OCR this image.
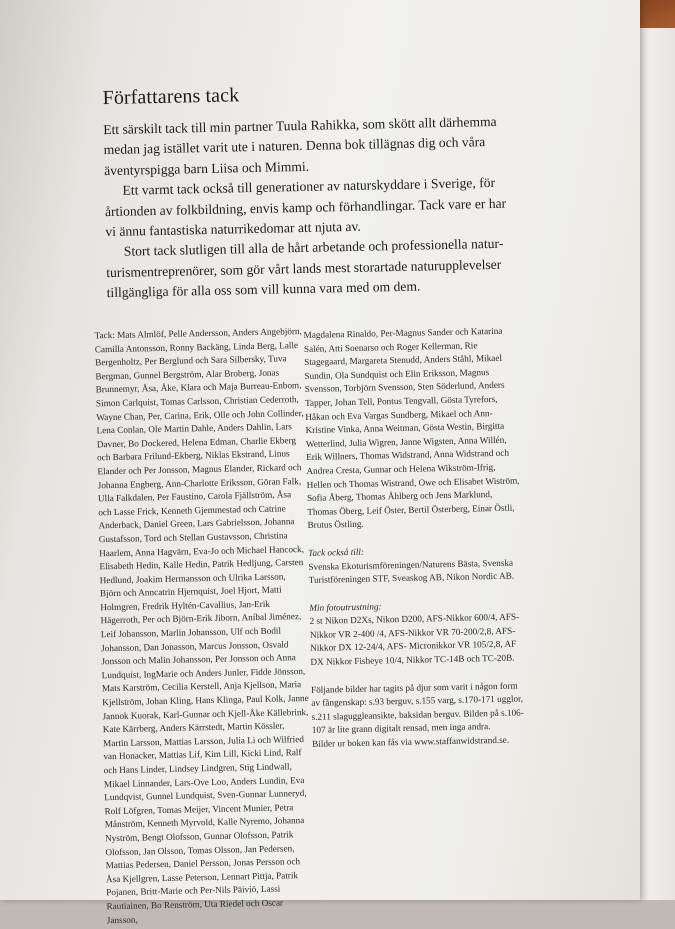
Författarens tack

Ett särskilt tack till min partner Tuula Rahikka, som skött allt därhemma medan jag istället varit ute i naturen. Denna bok tillägnas dig och våra äventyrspigga barn Liisa och Mimmi.

Ett varmt tack också till generationer av naturskyddare i Sverige, för årtionden av folkbildning, envis kamp och förhandlingar. Tack vare er har vi ännu fantastiska naturrikedomar att njuta av.

Stort tack slutligen till alla de hårt arbetande och professionella naturturismentreprenörer, som gör vårt lands mest storartade naturupplevelser tillgängliga för alla oss som vill kunna vara med om dem.

Tack: Mats Almlöf, Pelle Andersson, Anders Angebjörn, Camilla Antonsson, Ronny Backäng, Linda Berg, Lalle Bergenholtz, Per Berglund och Sara Silbersky, Tuva Bergman, Gunnel Bergström, Alar Broberg, Jonas Brunnemyr, Åsa, Åke, Klara och Maja Burreau-Enbom, Simon Carlquist, Tomas Carlsson, Christian Cederroth, Wayne Chan, Per, Carina, Erik, Olle och John Collinder, Lena Conlan, Ole Martin Dahle, Anders Dahlin, Lars Davner, Bo Dockered, Helena Edman, Charlie Ekberg och Barbara Frilund-Ekberg, Niklas Ekstrand, Linus Elander och Per Jonsson, Magnus Elander, Rickard och Johanna Engberg, Ann-Charlotte Eriksson, Göran Falk, Ulla Falkdalen, Per Faustino, Carola Fjällström, Åsa och Lasse Frick, Kenneth Gjemmestad och Catrine Anderback, Daniel Green, Lars Gabrielsson, Johanna Gustafsson, Tord och Stellan Gustavsson, Christina Haarlem, Anna Hagvärn, Eva-Jo och Michael Hancock, Elisabeth Hedin, Kalle Hedin, Patrik Hedljung, Carsten Hedlund, Joakim Hermansson och Ulrika Larsson, Björn och Anncatrin Hjernquist, Joel Hjort, Matti Holmgren, Fredrik Hyltén-Cavallius, Jan-Erik Hägerroth, Per och Björn-Erik Jiborn, Aníbal Jiménez, Leif Johansson, Marlin Johansson, Ulf och Bodil Johansson, Dan Jonasson, Marcus Jonsson, Osvald Jonsson och Malin Johansson, Per Jonsson och Anna Lundquist, IngMarie och Anders Junler, Fidde Jönsson, Mats Karström, Cecilia Kerstell, Anja Kjellson, Maria Kjellström, Johan Kling, Hans Klinga, Paul Kolk, Janne Jannok Kuorak, Karl-Gunnar och Kjell-Åke Källebrink, Kate Kärrberg, Anders Kärrstedt, Martin Kössler, Martin Larsson, Mattias Larsson, Julia Li och Wilfried van Honacker, Mattias Lif, Kim Lill, Kicki Lind, Ralf och Hans Linder, Lindsey Lindgren, Stig Lindwall, Mikael Linnander, Lars-Ove Loo, Anders Lundin, Eva Lundqvist, Gunnel Lundquist, Sven-Gunnar Lunneryd, Rolf Löfgren, Tomas Meijer, Vincent Munier, Petra Månström, Kenneth Myrvold, Kalle Nyremo, Johanna Nyström, Bengt Olofsson, Gunnar Olofsson, Patrik Olofsson, Jan Olsson, Tomas Olsson, Jan Pedersen, Mattias Pedersen, Daniel Persson, Jonas Persson och Åsa Kjellgren, Lasse Peterson, Lennart Pittja, Patrik Pojanen, Britt-Marie och Per-Nils Päiviö, Lassi Rautiainen, Bo Renström, Uta Riedel och Oscar Jansson,

Magdalena Rinaldo, Per-Magnus Sander och Katarina Salén, Atti Soenarso och Roger Kellerman, Rie Stagegaard, Margareta Stenudd, Anders Ståhl, Mikael Sundin, Ola Sundquist och Elin Eriksson, Magnus Svensson, Torbjörn Svensson, Sten Söderlund, Anders Tapper, Johan Tell, Pontus Tengvall, Gösta Tyrefors, Håkan och Eva Vargas Sundberg, Mikael och Ann-Kristine Vinka, Anna Weitman, Gösta Westin, Birgitta Wetterlind, Julia Wigren, Janne Wigsten, Anna Willén, Erik Willners, Thomas Widstrand, Anna Widstrand och Andrea Cresta, Gunnar och Helena Wikström-Ifrig, Hellen och Thomas Wistrand, Owe och Elisabet Wiström, Sofia Åberg, Thomas Åhlberg och Jens Marklund, Thomas Öberg, Leif Öster, Bertil Österberg, Einar Östli, Brutus Östling.

Tack också till:

Svenska Ekoturismföreningen/Naturens Bästa, Svenska Turistföreningen STF, Sveaskog AB, Nikon Nordic AB.

Min fotoutrustning:

2 st Nikon D2Xs, Nikon D200, AFS-Nikkor 600/4, AFS-Nikkor VR 2-400 /4, AFS-Nikkor VR 70-200/2,8, AFS-Nikkor DX 12-24/4, AFS- Micronikkor VR 105/2,8, AF DX Nikkor Fisheye 10/4, Nikkor TC-14B och TC-20B.

Följande bilder har tagits på djur som varit i någon form av fångenskap: s.93 berguv, s.155 varg, s.170-171 ugglor, s.211 slagugglеansikte, baksidan berguv. Bilden på s.106-107 är lite grann digitalt rensad, men inga andra.

Bilder ur boken kan fås via www.staffanwidstrand.se.
